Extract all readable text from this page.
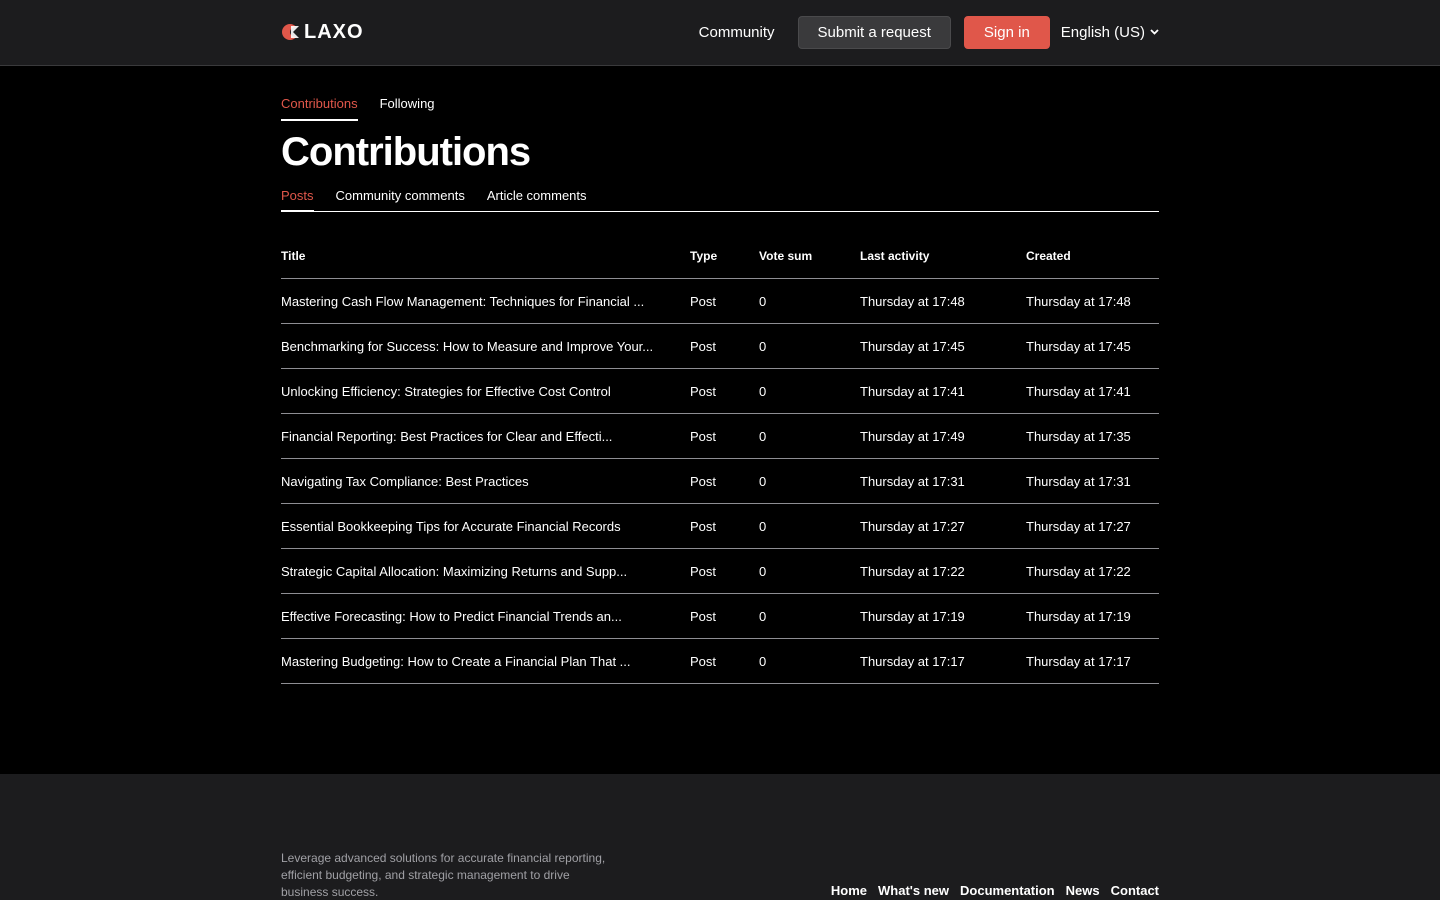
LAXO	Community	Submit a request	Sign in	English (US)
Contributions Following
Contributions
Posts Community comments Article comments
Title	Type	Vote sum	Last activity	Created
Mastering Cash Flow Management: Techniques for Financial ...	Post	0	Thursday at 17:48	Thursday at 17:48
Benchmarking for Success: How to Measure and Improve Your...	Post	0	Thursday at 17:45	Thursday at 17:45
Unlocking Efficiency: Strategies for Effective Cost Control	Post	0	Thursday at 17:41	Thursday at 17:41
Financial Reporting: Best Practices for Clear and Effecti...	Post	0	Thursday at 17:49	Thursday at 17:35
Navigating Tax Compliance: Best Practices	Post	0	Thursday at 17:31	Thursday at 17:31
Essential Bookkeeping Tips for Accurate Financial Records	Post	0	Thursday at 17:27	Thursday at 17:27
Strategic Capital Allocation: Maximizing Returns and Supp...	Post	0	Thursday at 17:22	Thursday at 17:22
Effective Forecasting: How to Predict Financial Trends an...	Post	0	Thursday at 17:19	Thursday at 17:19
Mastering Budgeting: How to Create a Financial Plan That ...	Post	0	Thursday at 17:17	Thursday at 17:17

Leverage advanced solutions for accurate financial reporting, efficient budgeting, and strategic management to drive business success.	Home What's new Documentation News Contact
